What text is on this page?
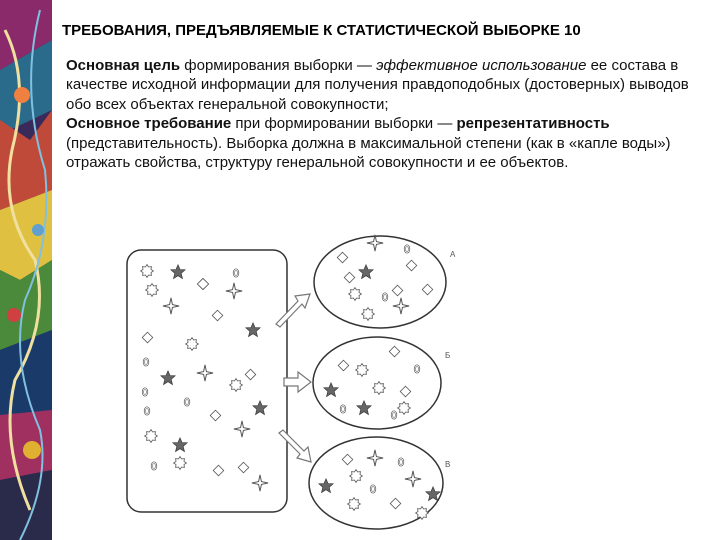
ТРЕБОВАНИЯ, ПРЕДЪЯВЛЯЕМЫЕ К СТАТИСТИЧЕСКОЙ ВЫБОРКЕ 10

Основная цель формирования выборки — эффективное использование ее состава в качестве исходной информации для получения правдоподобных (достоверных) выводов обо всех объектах генеральной совокупности;

Основное требование при формировании выборки — репрезентативность (представительность). Выборка должна в максимальной степени (как в «капле воды») отражать свойства, структуру генеральной совокупности и ее объектов.

А
Б
В
